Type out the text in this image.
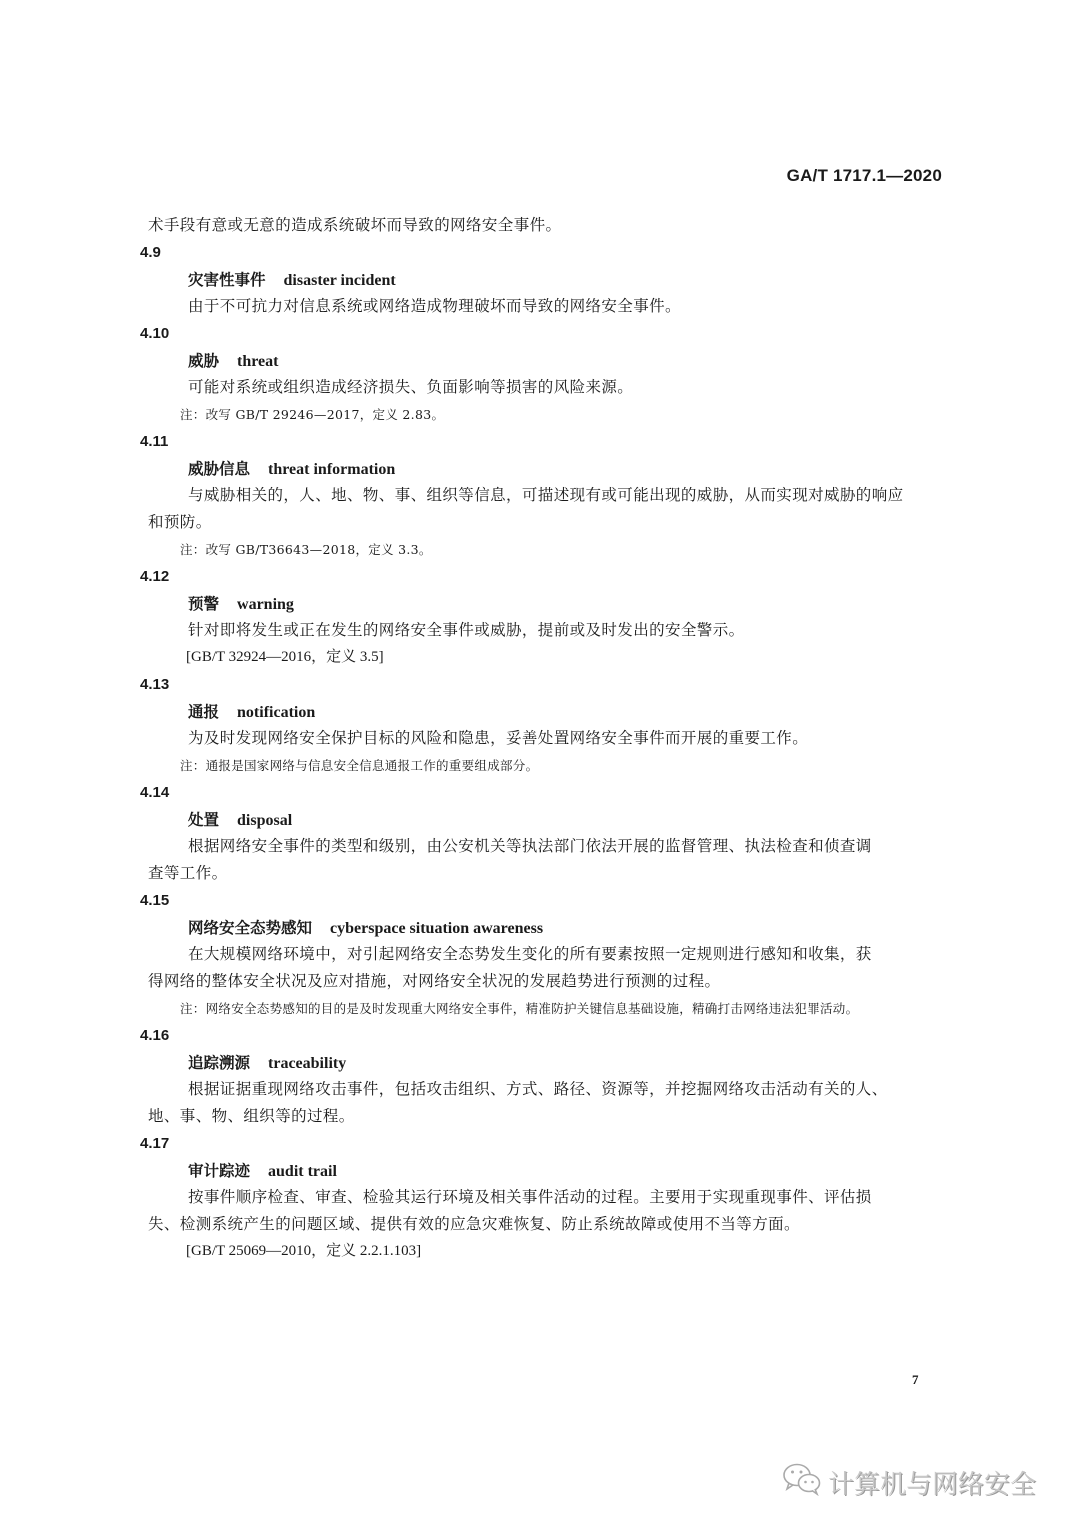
GA/T 1717.1—2020
术手段有意或无意的造成系统破坏而导致的网络安全事件。
4.9
灾害性事件 disaster incident
由于不可抗力对信息系统或网络造成物理破坏而导致的网络安全事件。
4.10
威胁 threat
可能对系统或组织造成经济损失、负面影响等损害的风险来源。
注：改写 GB/T 29246—2017，定义 2.83。
4.11
威胁信息 threat information
与威胁相关的，人、地、物、事、组织等信息，可描述现有或可能出现的威胁，从而实现对威胁的响应
和预防。
注：改写 GB/T36643—2018，定义 3.3。
4.12
预警 warning
针对即将发生或正在发生的网络安全事件或威胁，提前或及时发出的安全警示。
[GB/T 32924—2016，定义 3.5]
4.13
通报 notification
为及时发现网络安全保护目标的风险和隐患，妥善处置网络安全事件而开展的重要工作。
注：通报是国家网络与信息安全信息通报工作的重要组成部分。
4.14
处置 disposal
根据网络安全事件的类型和级别，由公安机关等执法部门依法开展的监督管理、执法检查和侦查调
查等工作。
4.15
网络安全态势感知 cyberspace situation awareness
在大规模网络环境中，对引起网络安全态势发生变化的所有要素按照一定规则进行感知和收集，获
得网络的整体安全状况及应对措施，对网络安全状况的发展趋势进行预测的过程。
注：网络安全态势感知的目的是及时发现重大网络安全事件，精准防护关键信息基础设施，精确打击网络违法犯罪活动。
4.16
追踪溯源 traceability
根据证据重现网络攻击事件，包括攻击组织、方式、路径、资源等，并挖掘网络攻击活动有关的人、
地、事、物、组织等的过程。
4.17
审计踪迹 audit trail
按事件顺序检查、审查、检验其运行环境及相关事件活动的过程。主要用于实现重现事件、评估损
失、检测系统产生的问题区域、提供有效的应急灾难恢复、防止系统故障或使用不当等方面。
[GB/T 25069—2010，定义 2.2.1.103]
7
计算机与网络安全
